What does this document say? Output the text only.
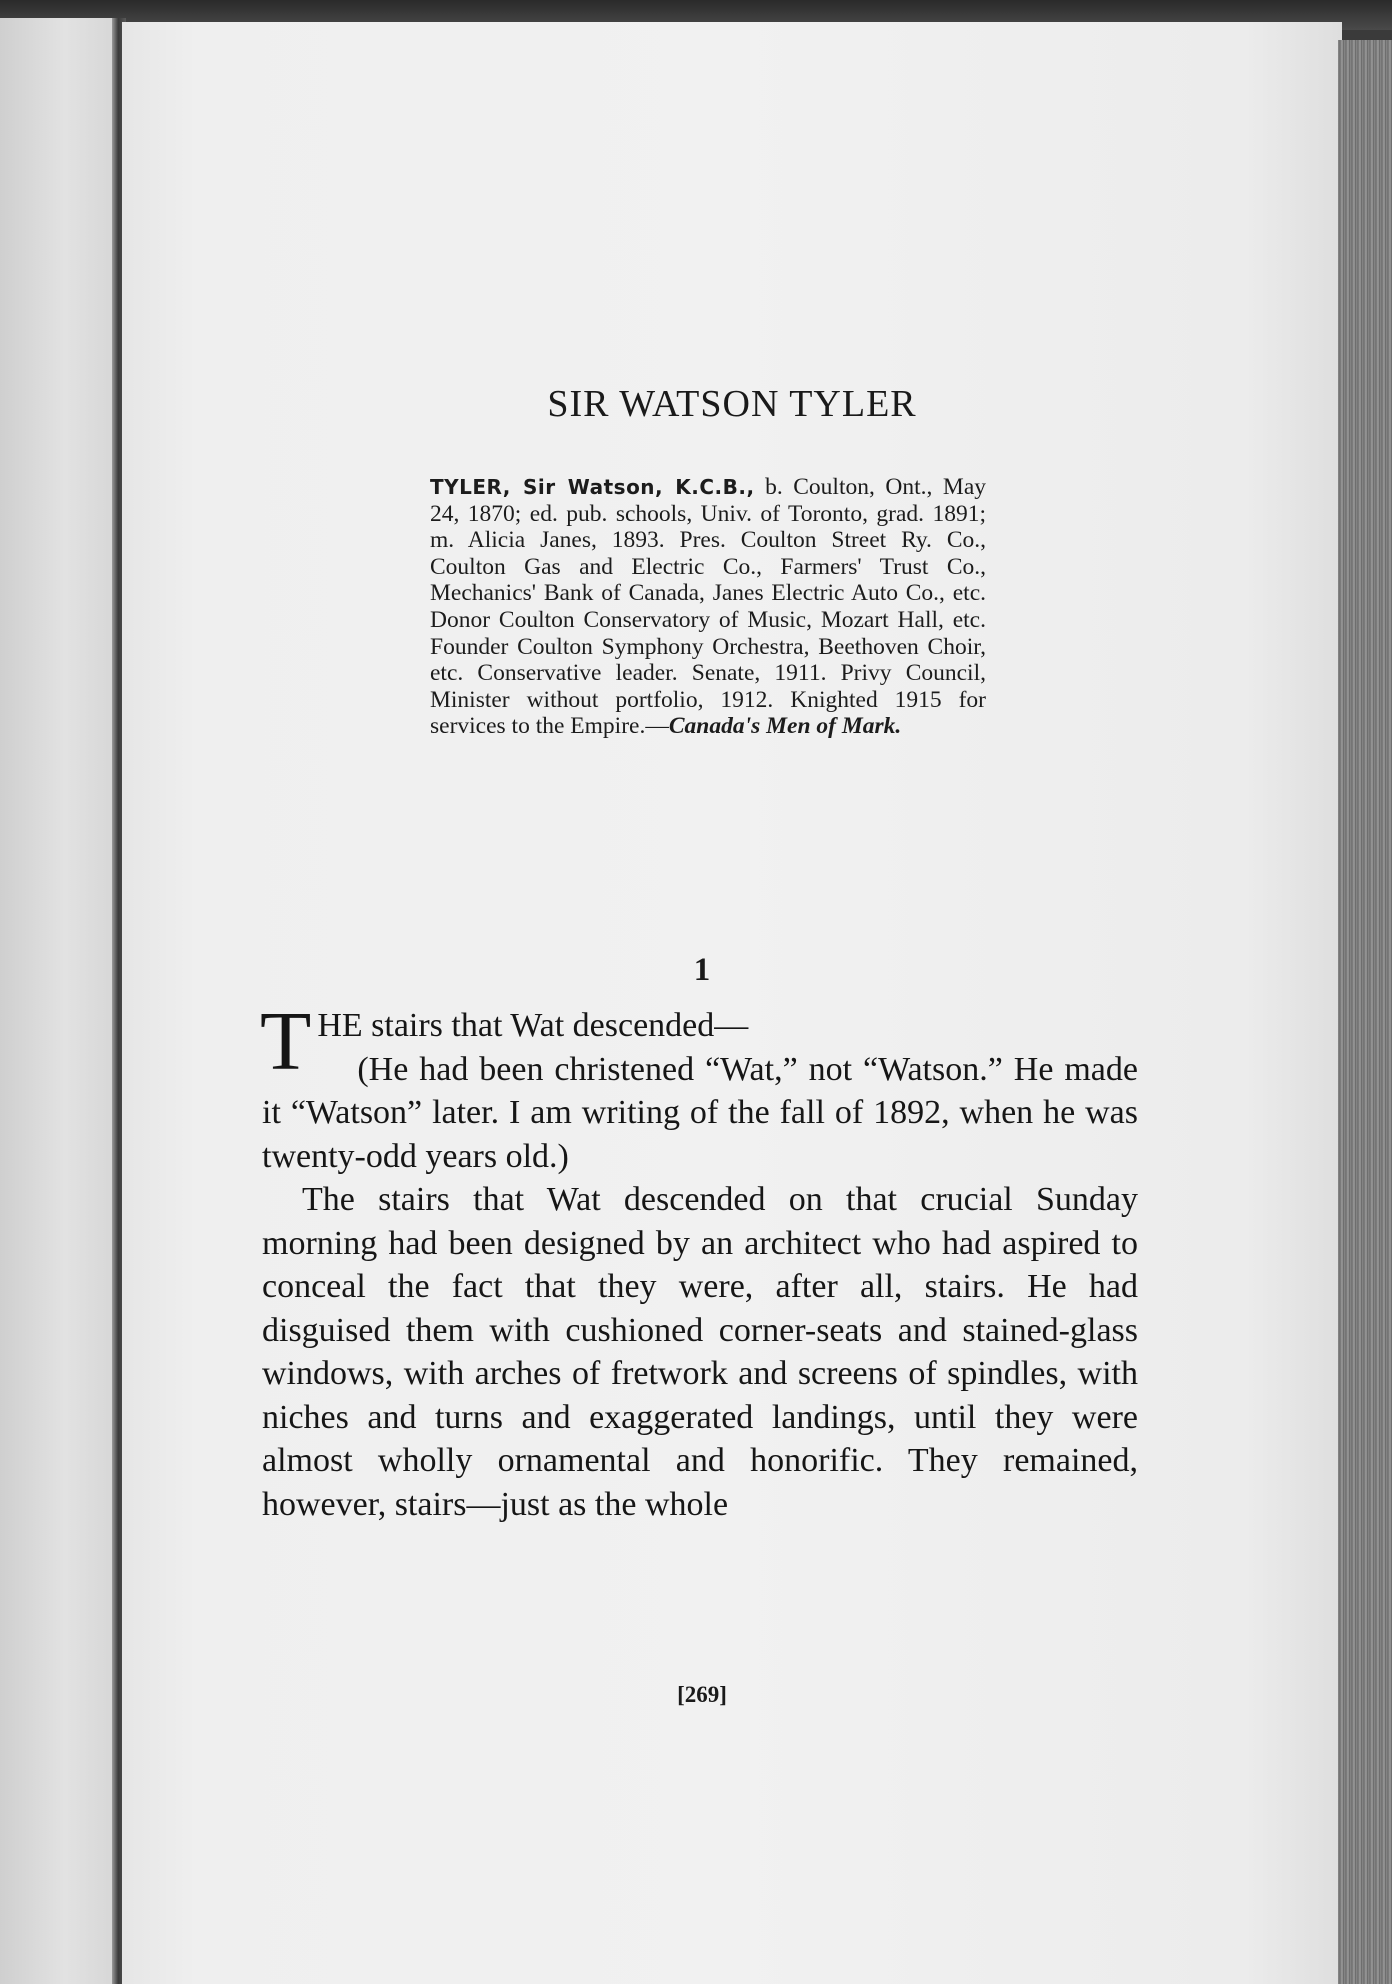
SIR WATSON TYLER

TYLER, Sir Watson, K.C.B., b. Coulton, Ont., May 24, 1870; ed. pub. schools, Univ. of Toronto, grad. 1891; m. Alicia Janes, 1893. Pres. Coulton Street Ry. Co., Coulton Gas and Electric Co., Farmers' Trust Co., Mechanics' Bank of Canada, Janes Electric Auto Co., etc. Donor Coulton Conservatory of Music, Mozart Hall, etc. Founder Coulton Symphony Orchestra, Beethoven Choir, etc. Conservative leader. Senate, 1911. Privy Council, Minister without portfolio, 1912. Knighted 1915 for services to the Empire.—Canada's Men of Mark.

1

THE stairs that Wat descended—

(He had been christened “Wat,” not “Watson.” He made it “Watson” later. I am writing of the fall of 1892, when he was twenty-odd years old.)

The stairs that Wat descended on that crucial Sunday morning had been designed by an architect who had aspired to conceal the fact that they were, after all, stairs. He had disguised them with cushioned corner-seats and stained-glass windows, with arches of fretwork and screens of spindles, with niches and turns and exaggerated landings, until they were almost wholly ornamental and honorific. They remained, however, stairs—just as the whole

[269]
